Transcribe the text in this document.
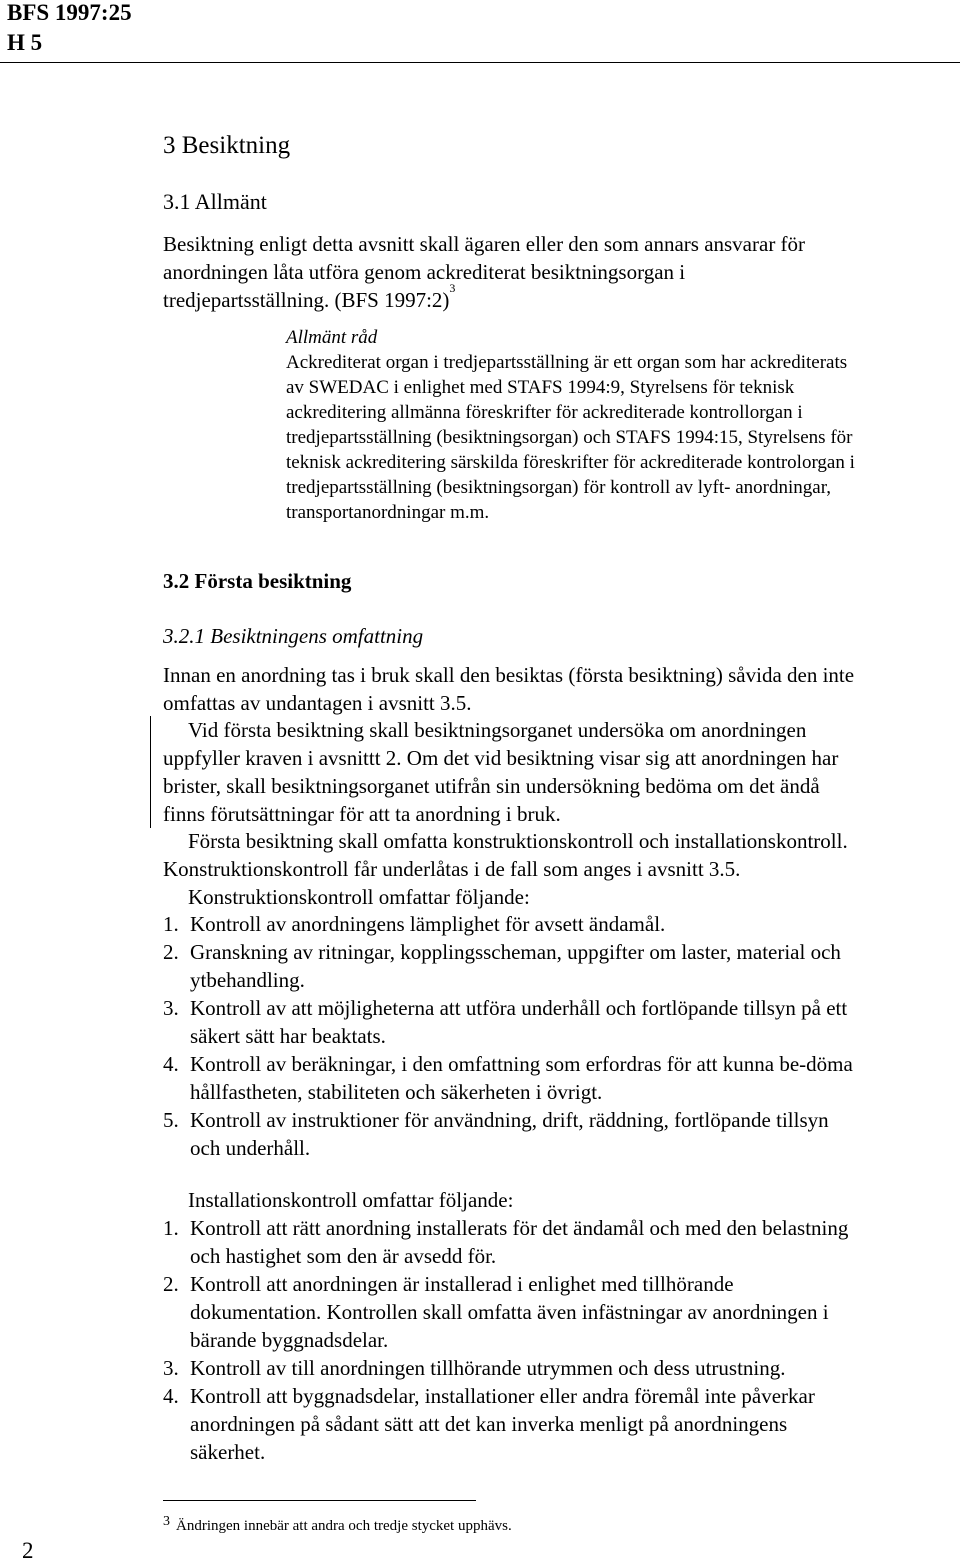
BFS 1997:25
H 5
3 Besiktning
3.1 Allmänt
Besiktning enligt detta avsnitt skall ägaren eller den som annars ansvarar för
anordningen låta utföra genom ackrediterat besiktningsorgan i
tredjepartsställning. (BFS 1997:2)$^3$
Allmänt råd
Ackrediterat organ i tredjepartsställning är ett organ som har ackrediterats
av SWEDAC i enlighet med STAFS 1994:9, Styrelsens för teknisk
ackreditering allmänna föreskrifter för ackrediterade kontrollorgan i
tredjepartsställning (besiktningsorgan) och STAFS 1994:15, Styrelsens för
teknisk ackreditering särskilda föreskrifter för ackrediterade kontrolorgan i
tredjepartsställning (besiktningsorgan) för kontroll av lyft- anordningar,
transportanordningar m.m.
3.2 Första besiktning
3.2.1 Besiktningens omfattning
Innan en anordning tas i bruk skall den besiktas (första besiktning) såvida den inte
omfattas av undantagen i avsnitt 3.5.
Vid första besiktning skall besiktningsorganet undersöka om anordningen
uppfyller kraven i avsnittt 2. Om det vid besiktning visar sig att anordningen har
brister, skall besiktningsorganet utifrån sin undersökning bedöma om det ändå
finns förutsättningar för att ta anordning i bruk.
Första besiktning skall omfatta konstruktionskontroll och installationskontroll.
Konstruktionskontroll får underlåtas i de fall som anges i avsnitt 3.5.
Konstruktionskontroll omfattar följande:
1. Kontroll av anordningens lämplighet för avsett ändamål.
2. Granskning av ritningar, kopplingsscheman, uppgifter om laster, material och
ytbehandling.
3. Kontroll av att möjligheterna att utföra underhåll och fortlöpande tillsyn på ett
säkert sätt har beaktats.
4. Kontroll av beräkningar, i den omfattning som erfordras för att kunna be-döma
hållfastheten, stabiliteten och säkerheten i övrigt.
5. Kontroll av instruktioner för användning, drift, räddning, fortlöpande tillsyn
och underhåll.
Installationskontroll omfattar följande:
1. Kontroll att rätt anordning installerats för det ändamål och med den belastning
och hastighet som den är avsedd för.
2. Kontroll att anordningen är installerad i enlighet med tillhörande
dokumentation. Kontrollen skall omfatta även infästningar av anordningen i
bärande byggnadsdelar.
3. Kontroll av till anordningen tillhörande utrymmen och dess utrustning.
4. Kontroll att byggnadsdelar, installationer eller andra föremål inte påverkar
anordningen på sådant sätt att det kan inverka menligt på anordningens
säkerhet.
3 Ändringen innebär att andra och tredje stycket upphävs.
2
